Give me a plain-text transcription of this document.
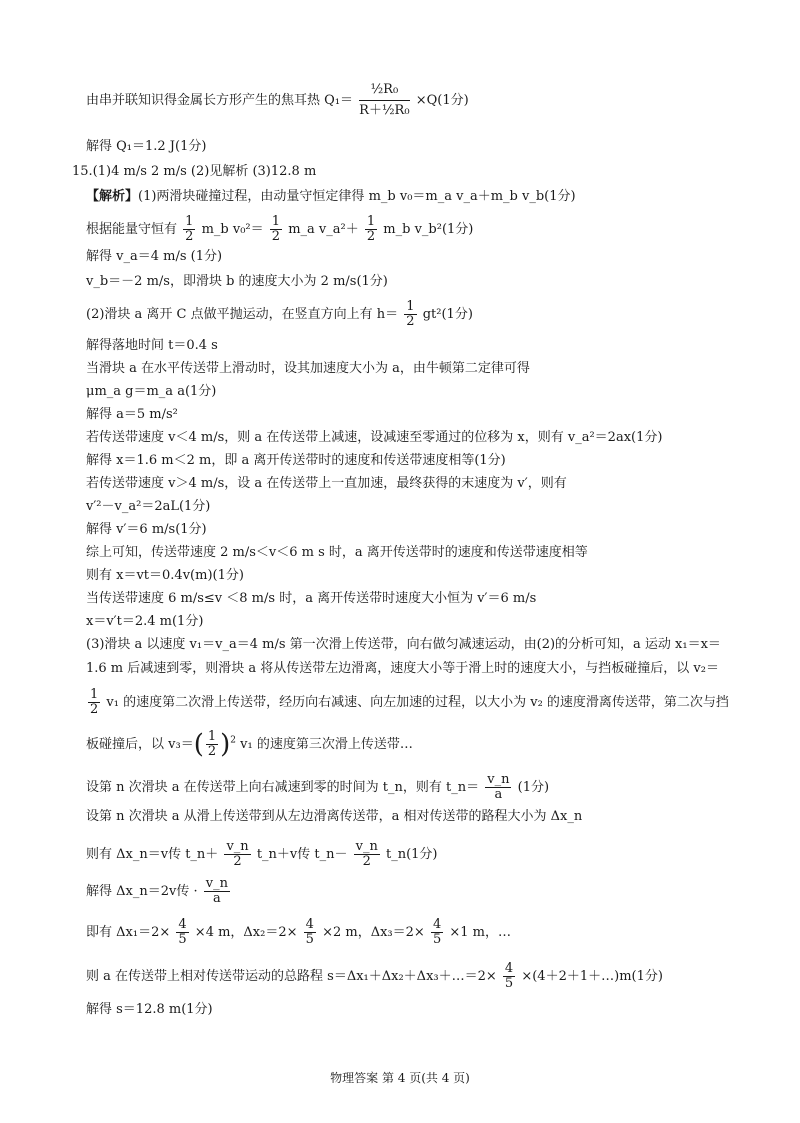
由串并联知识得金属长方形产生的焦耳热 $Q_1= \frac{\text{½R₀}}{\text{R＋½R₀}} \times Q(1$分)
解得 Q₁＝1.2 J(1分)
15.(1)4 m/s 2 m/s (2)见解析 (3)12.8 m
【解析】(1)两滑块碰撞过程，由动量守恒定律得 m_b v₀＝m_a v_a＋m_b v_b(1分)
根据能量守恒有 $\frac{1}{2}$ m_b $v_0^2= \frac{1}{2}$ m_a v_a²＋ $\frac{1}{2}$ m_b v_b²(1分)
解得 v_a＝4 m/s (1分)
v_b＝－2 m/s，即滑块 b 的速度大小为 2 m/s(1分)
(2)滑块 a 离开 C 点做平抛运动，在竖直方向上有 $h= \frac{1}{2} gt^2(1$分)
解得落地时间 t＝0.4 s
当滑块 a 在水平传送带上滑动时，设其加速度大小为 a，由牛顿第二定律可得
μm_a g＝m_a a(1分)
解得 a＝5 m/s²
若传送带速度 v＜4 m/s，则 a 在传送带上减速，设减速至零通过的位移为 x，则有 v_a²＝2ax(1分)
解得 x＝1.6 m＜2 m，即 a 离开传送带时的速度和传送带速度相等(1分)
若传送带速度 v＞4 m/s，设 a 在传送带上一直加速，最终获得的末速度为 v′，则有
v′²－v_a²＝2aL(1分)
解得 v′＝6 m/s(1分)
综上可知，传送带速度 2 m/s＜v＜6 m s 时，a 离开传送带时的速度和传送带速度相等
则有 x＝vt＝0.4v(m)(1分)
当传送带速度 6 m/s≤v ＜8 m/s 时，a 离开传送带时速度大小恒为 v′＝6 m/s
x＝v′t＝2.4 m(1分)
(3)滑块 a 以速度 v₁＝v_a＝4 m/s 第一次滑上传送带，向右做匀减速运动，由(2)的分析可知，a 运动 x₁＝x＝
1.6 m 后减速到零，则滑块 a 将从传送带左边滑离，速度大小等于滑上时的速度大小，与挡板碰撞后，以 v₂＝
$\frac{1}{2} v_1$ 的速度第二次滑上传送带，经历向右减速、向左加速的过程，以大小为 v₂ 的速度滑离传送带，第二次与挡
板碰撞后，以 $v_3=( \frac{1}{2} )^2$ v₁ 的速度第三次滑上传送带…
设第 n 次滑块 a 在传送带上向右减速到零的时间为 t_n，则有 t_n＝ $\frac{v\_n}{a} (1$分)
设第 n 次滑块 a 从滑上传送带到从左边滑离传送带，a 相对传送带的路程大小为 Δx_n
则有 Δx_n＝v传 t_n＋ $\frac{v\_n}{2}$ t_n＋v传 t_n－ $\frac{v\_n}{2}$ t_n(1分)
解得 Δx_n＝2v传 · $\frac{v\_n}{a}$
即有 $\Delta x_1=2\times \frac{4}{5} \times 4$ m，$\Delta x_2=2\times \frac{4}{5} \times 2$ m，$\Delta x_3=2\times \frac{4}{5} \times 1$ m，…
则 a 在传送带上相对传送带运动的总路程 s＝Δx₁＋Δx₂＋Δx₃＋…＝2× $\frac{4}{5}$ ×(4＋2＋1＋…)m(1分)
解得 s＝12.8 m(1分)
物理答案 第 4 页(共 4 页)
